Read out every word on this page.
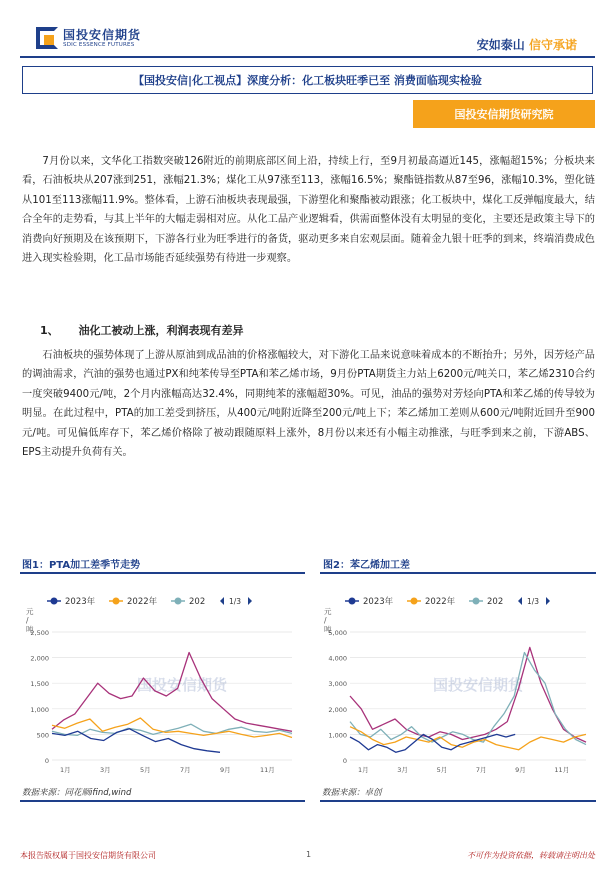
国投安信期货
SDIC ESSENCE FUTURES	安如泰山 信守承诺
【国投安信|化工视点】深度分析：化工板块旺季已至 消费面临现实检验
国投安信期货研究院

7月份以来，文华化工指数突破126附近的前期底部区间上沿，持续上行，至9月初最高逼近145，涨幅超15%；分板块来看，石油板块从207涨到251，涨幅21.3%；煤化工从97涨至113，涨幅16.5%；聚酯链指数从87至96，涨幅10.3%，塑化链从101至113涨幅11.9%。整体看，上游石油板块表现最强，下游塑化和聚酯被动跟涨；化工板块中，煤化工反弹幅度最大，结合全年的走势看，与其上半年的大幅走弱相对应。从化工品产业逻辑看，供需面整体没有太明显的变化，主要还是政策主导下的消费向好预期及在该预期下，下游各行业为旺季进行的备货，驱动更多来自宏观层面。随着金九银十旺季的到来，终端消费成色进入现实检验期，化工品市场能否延续强势有待进一步观察。

1、 油化工被动上涨，利润表现有差异

石油板块的强势体现了上游从原油到成品油的价格涨幅较大，对下游化工品来说意味着成本的不断抬升；另外，因芳烃产品的调油需求，汽油的强势也通过PX和纯苯传导至PTA和苯乙烯市场，9月份PTA期货主力站上6200元/吨关口，苯乙烯2310合约一度突破9400元/吨，2个月内涨幅高达32.4%，同期纯苯的涨幅超30%。可见，油品的强势对芳烃向PTA和苯乙烯的传导较为明显。在此过程中，PTA的加工差受到挤压，从400元/吨附近降至200元/吨上下；苯乙烯加工差则从600元/吨附近回升至900元/吨。可见偏低库存下，苯乙烯价格除了被动跟随原料上涨外，8月份以来还有小幅主动推涨，与旺季到来之前，下游ABS、EPS主动提升负荷有关。

图1：PTA加工差季节走势	图2：苯乙烯加工差
2023年	2022年	202	1/3
元
/
吨
2,500
2,000
1,500
1,000
500
0
1月	3月	5月	7月	9月	11月
国投安信期货
2023年	2022年	202	1/3
元
/
吨
5,000
4,000
3,000
2,000
1,000
0
1月	3月	5月	7月	9月	11月
国投安信期货
数据来源：同花顺ifind,wind	数据来源：卓创
本报告版权属于国投安信期货有限公司	1	不可作为投资依据，转载请注明出处
